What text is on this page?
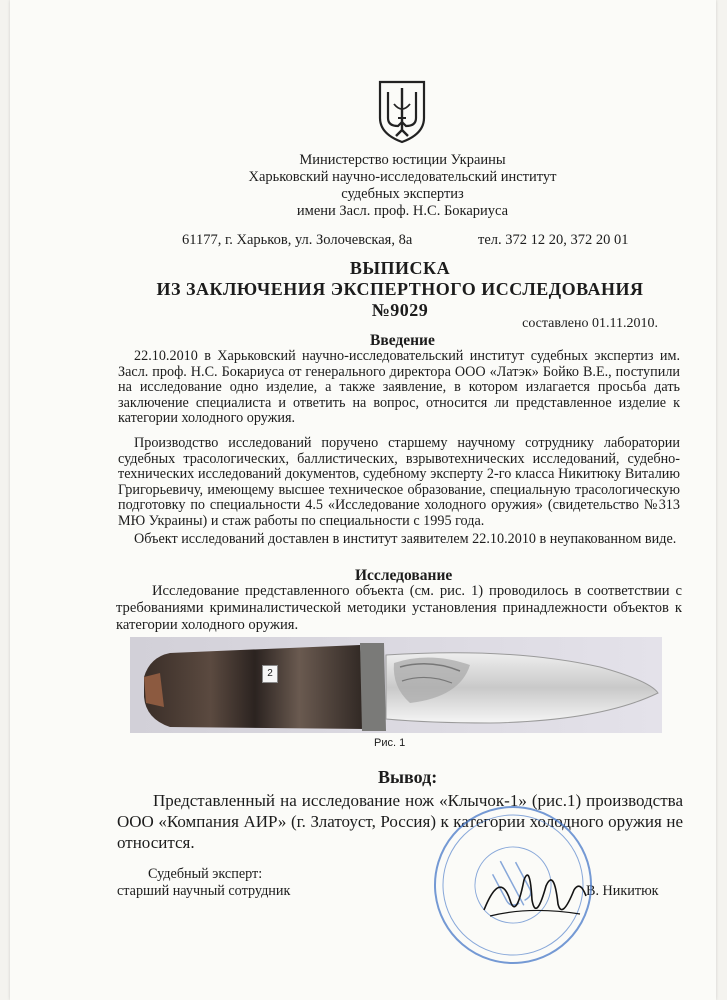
Министерство юстиции Украины
Харьковский научно-исследовательский институт
судебных экспертиз
имени Засл. проф. Н.С. Бокариуса
61177, г. Харьков, ул. Золочевская, 8а	тел. 372 12 20, 372 20 01
ВЫПИСКА
ИЗ ЗАКЛЮЧЕНИЯ ЭКСПЕРТНОГО ИССЛЕДОВАНИЯ
№9029
составлено 01.11.2010.
Введение
22.10.2010 в Харьковский научно-исследовательский институт судебных экспертиз им. Засл. проф. Н.С. Бокариуса от генерального директора ООО «Латэк» Бойко В.Е., поступили на исследование одно изделие, а также заявление, в котором излагается просьба дать заключение специалиста и ответить на вопрос, относится ли представленное изделие к категории холодного оружия.
Производство исследований поручено старшему научному сотруднику лаборатории судебных трасологических, баллистических, взрывотехнических исследований, судебно-технических исследований документов, судебному эксперту 2-го класса Никитюку Виталию Григорьевичу, имеющему высшее техническое образование, специальную трасологическую подготовку по специальности 4.5 «Исследование холодного оружия» (свидетельство №313 МЮ Украины) и стаж работы по специальности с 1995 года.
Объект исследований доставлен в институт заявителем 22.10.2010 в неупакованном виде.
Исследование
Исследование представленного объекта (см. рис. 1) проводилось в соответствии с требованиями криминалистической методики установления принадлежности объектов к категории холодного оружия.
2
Рис. 1
Вывод:
Представленный на исследование нож «Клычок-1» (рис.1) производства ООО «Компания АИР» (г. Златоуст, Россия) к категории холодного оружия не относится.
Судебный эксперт:
старший научный сотрудник	В. Никитюк
